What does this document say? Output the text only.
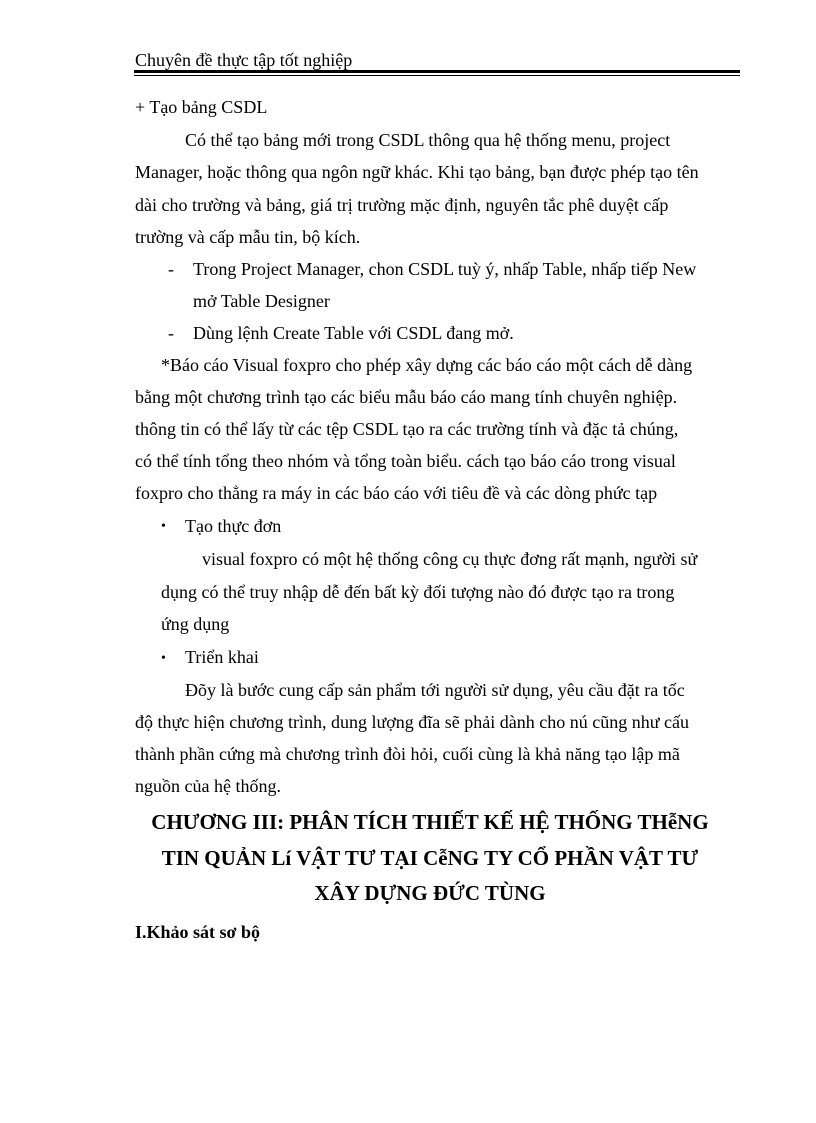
Chuyên đề thực tập tốt nghiệp
+ Tạo bảng CSDL
Có thể tạo bảng mới trong CSDL thông qua hệ thống menu, project
Manager, hoặc thông qua ngôn ngữ khác. Khi tạo bảng, bạn được phép tạo tên
dài cho trường và bảng, giá trị trường mặc định, nguyên tắc phê duyệt cấp
trường và cấp mẫu tin, bộ kích.
- Trong Project Manager, chon CSDL tuỳ ý, nhấp Table, nhấp tiếp New
mở Table Designer
- Dùng lệnh Create Table với CSDL đang mở.
*Báo cáo Visual foxpro cho phép xây dựng các báo cáo một cách dễ dàng
bằng một chương trình tạo các biểu mẫu báo cáo mang tính chuyên nghiệp.
thông tin có thể lấy từ các tệp CSDL tạo ra các trường tính và đặc tả chúng,
có thể tính tổng theo nhóm và tổng toàn biểu. cách tạo báo cáo trong visual
foxpro cho thẳng ra máy in các báo cáo với tiêu đề và các dòng phức tạp
• Tạo thực đơn
visual foxpro có một hệ thống công cụ thực đơng rất mạnh, người sử
dụng có thể truy nhập dễ đến bất kỳ đối tượng nào đó được tạo ra trong
ứng dụng
• Triển khai
Đõy là bước cung cấp sản phẩm tới người sử dụng, yêu cầu đặt ra tốc
độ thực hiện chương trình, dung lượng đĩa sẽ phải dành cho nú cũng như cấu
thành phần cứng mà chương trình đòi hỏi, cuối cùng là khả năng tạo lập mã
nguồn của hệ thống.
CHƯƠNG III: PHÂN TÍCH THIẾT KẾ HỆ THỐNG THễNG
TIN QUẢN Lí VẬT TƯ TẠI CễNG TY CỔ PHẦN VẬT TƯ
XÂY DỰNG ĐỨC TÙNG
I.Khảo sát sơ bộ
